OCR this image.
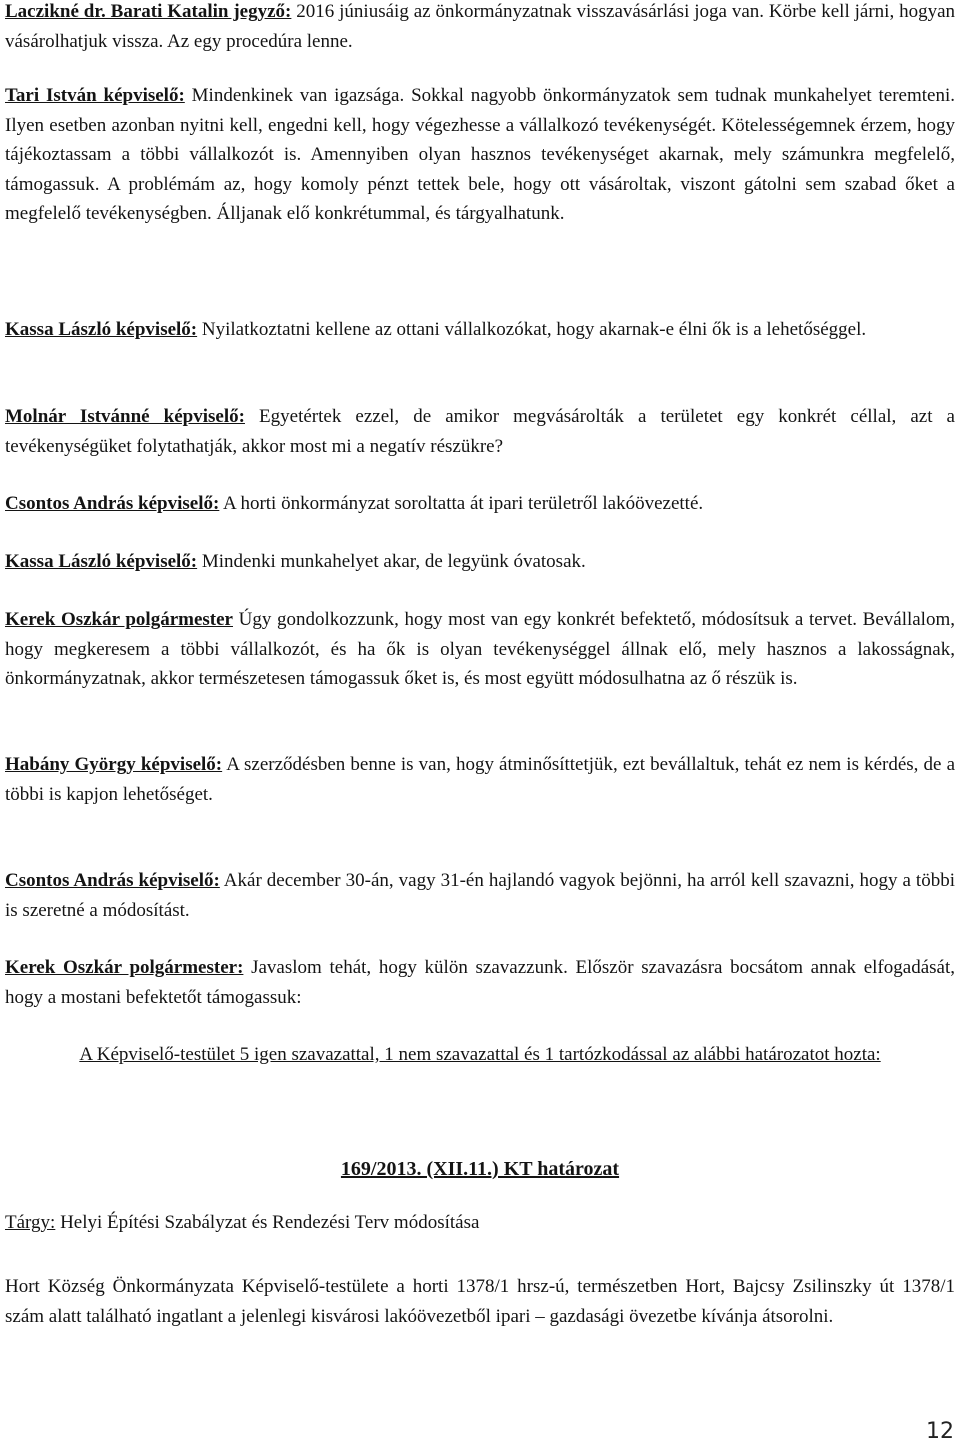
Laczikné dr. Barati Katalin jegyző: 2016 júniusáig az önkormányzatnak visszavásárlási joga van. Körbe kell járni, hogyan vásárolhatjuk vissza. Az egy procedúra lenne.

Tari István képviselő: Mindenkinek van igazsága. Sokkal nagyobb önkormányzatok sem tudnak munkahelyet teremteni. Ilyen esetben azonban nyitni kell, engedni kell, hogy végezhesse a vállalkozó tevékenységét. Kötelességemnek érzem, hogy tájékoztassam a többi vállalkozót is. Amennyiben olyan hasznos tevékenységet akarnak, mely számunkra megfelelő, támogassuk. A problémám az, hogy komoly pénzt tettek bele, hogy ott vásároltak, viszont gátolni sem szabad őket a megfelelő tevékenységben. Álljanak elő konkrétummal, és tárgyalhatunk.

Kassa László képviselő: Nyilatkoztatni kellene az ottani vállalkozókat, hogy akarnak-e élni ők is a lehetőséggel.

Molnár Istvánné képviselő: Egyetértek ezzel, de amikor megvásárolták a területet egy konkrét céllal, azt a tevékenységüket folytathatják, akkor most mi a negatív részükre?

Csontos András képviselő: A horti önkormányzat soroltatta át ipari területről lakóövezetté.

Kassa László képviselő: Mindenki munkahelyet akar, de legyünk óvatosak.

Kerek Oszkár polgármester Úgy gondolkozzunk, hogy most van egy konkrét befektető, módosítsuk a tervet. Bevállalom, hogy megkeresem a többi vállalkozót, és ha ők is olyan tevékenységgel állnak elő, mely hasznos a lakosságnak, önkormányzatnak, akkor természetesen támogassuk őket is, és most együtt módosulhatna az ő részük is.

Habány György képviselő: A szerződésben benne is van, hogy átminősíttetjük, ezt bevállaltuk, tehát ez nem is kérdés, de a többi is kapjon lehetőséget.

Csontos András képviselő: Akár december 30-án, vagy 31-én hajlandó vagyok bejönni, ha arról kell szavazni, hogy a többi is szeretné a módosítást.

Kerek Oszkár polgármester: Javaslom tehát, hogy külön szavazzunk. Először szavazásra bocsátom annak elfogadását, hogy a mostani befektetőt támogassuk:

A Képviselő-testület 5 igen szavazattal, 1 nem szavazattal és 1 tartózkodással az alábbi határozatot hozta:

169/2013. (XII.11.) KT határozat

Tárgy: Helyi Építési Szabályzat és Rendezési Terv módosítása

Hort Község Önkormányzata Képviselő-testülete a horti 1378/1 hrsz-ú, természetben Hort, Bajcsy Zsilinszky út 1378/1 szám alatt található ingatlant a jelenlegi kisvárosi lakóövezetből ipari – gazdasági övezetbe kívánja átsorolni.

12
